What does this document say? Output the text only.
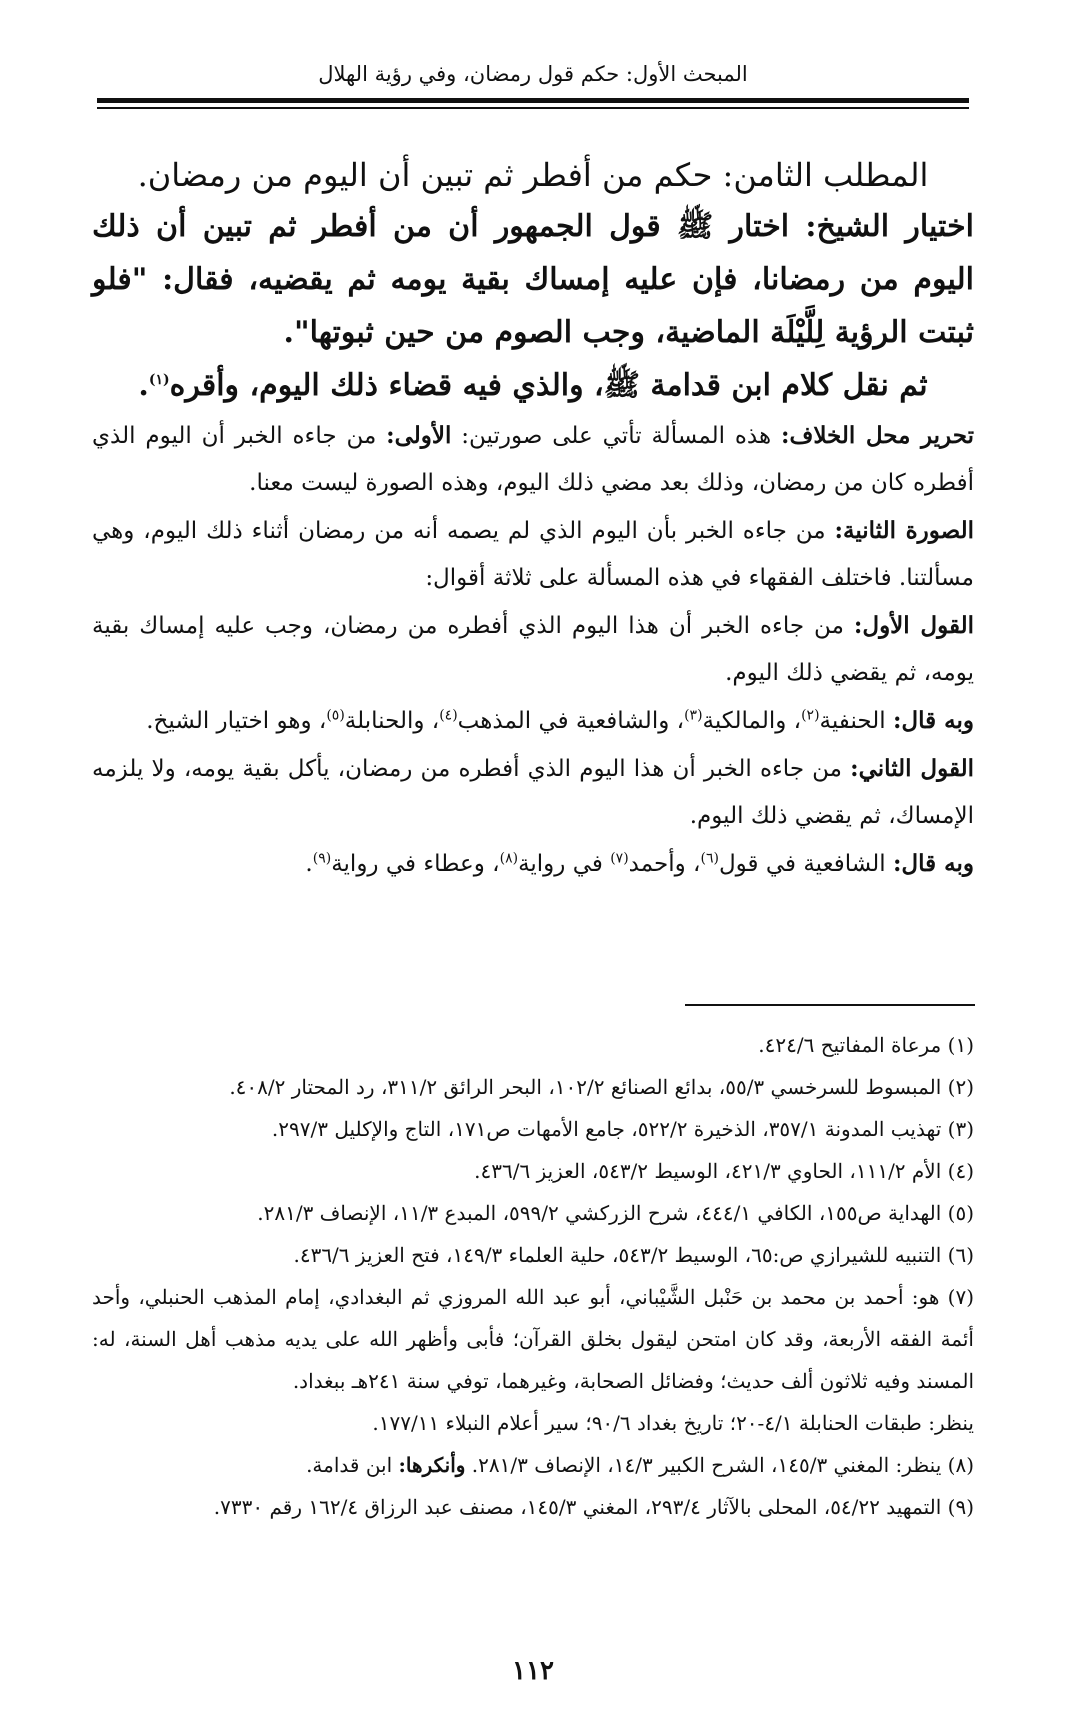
المبحث الأول: حكم قول رمضان، وفي رؤية الهلال

المطلب الثامن: حكم من أفطر ثم تبين أن اليوم من رمضان.

اختيار الشيخ: اختار ﷺ قول الجمهور أن من أفطر ثم تبين أن ذلك اليوم من رمضانا، فإن عليه إمساك بقية يومه ثم يقضيه، فقال: "فلو ثبتت الرؤية لِلَّيْلَة الماضية، وجب الصوم من حين ثبوتها".

ثم نقل كلام ابن قدامة ﷺ، والذي فيه قضاء ذلك اليوم، وأقره$^{(١)}$.

تحرير محل الخلاف: هذه المسألة تأتي على صورتين: الأولى: من جاءه الخبر أن اليوم الذي أفطره كان من رمضان، وذلك بعد مضي ذلك اليوم، وهذه الصورة ليست معنا.

الصورة الثانية: من جاءه الخبر بأن اليوم الذي لم يصمه أنه من رمضان أثناء ذلك اليوم، وهي مسألتنا. فاختلف الفقهاء في هذه المسألة على ثلاثة أقوال:

القول الأول: من جاءه الخبر أن هذا اليوم الذي أفطره من رمضان، وجب عليه إمساك بقية يومه، ثم يقضي ذلك اليوم.

وبه قال: الحنفية$^{(٢)}$، والمالكية$^{(٣)}$، والشافعية في المذهب$^{(٤)}$، والحنابلة$^{(٥)}$، وهو اختيار الشيخ.

القول الثاني: من جاءه الخبر أن هذا اليوم الذي أفطره من رمضان، يأكل بقية يومه، ولا يلزمه الإمساك، ثم يقضي ذلك اليوم.

وبه قال: الشافعية في قول$^{(٦)}$، وأحمد$^{(٧)}$ في رواية$^{(٨)}$، وعطاء في رواية$^{(٩)}$.

(١) مرعاة المفاتيح ٤٢٤/٦.

(٢) المبسوط للسرخسي ٥٥/٣، بدائع الصنائع ١٠٢/٢، البحر الرائق ٣١١/٢، رد المحتار ٤٠٨/٢.

(٣) تهذيب المدونة ٣٥٧/١، الذخيرة ٥٢٢/٢، جامع الأمهات ص١٧١، التاج والإكليل ٢٩٧/٣.

(٤) الأم ١١١/٢، الحاوي ٤٢١/٣، الوسيط ٥٤٣/٢، العزيز ٤٣٦/٦.

(٥) الهداية ص١٥٥، الكافي ٤٤٤/١، شرح الزركشي ٥٩٩/٢، المبدع ١١/٣، الإنصاف ٢٨١/٣.

(٦) التنبيه للشيرازي ص:٦٥، الوسيط ٥٤٣/٢، حلية العلماء ١٤٩/٣، فتح العزيز ٤٣٦/٦.

(٧) هو: أحمد بن محمد بن حَنْبل الشَّيْباني، أبو عبد الله المروزي ثم البغدادي، إمام المذهب الحنبلي، وأحد أئمة الفقه الأربعة، وقد كان امتحن ليقول بخلق القرآن؛ فأبى وأظهر الله على يديه مذهب أهل السنة، له: المسند وفيه ثلاثون ألف حديث؛ وفضائل الصحابة، وغيرهما، توفي سنة ٢٤١هـ ببغداد.

ينظر: طبقات الحنابلة ٤/١-٢٠؛ تاريخ بغداد ٩٠/٦؛ سير أعلام النبلاء ١٧٧/١١.

(٨) ينظر: المغني ١٤٥/٣، الشرح الكبير ١٤/٣، الإنصاف ٢٨١/٣. وأنكرها: ابن قدامة.

(٩) التمهيد ٥٤/٢٢، المحلى بالآثار ٢٩٣/٤، المغني ١٤٥/٣، مصنف عبد الرزاق ١٦٢/٤ رقم ٧٣٣٠.

١١٢
